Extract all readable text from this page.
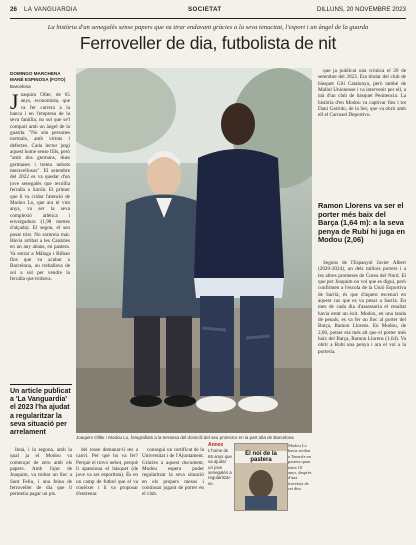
26 LA VANGUARDIA	SOCIETAT	DILLUNS, 20 NOVEMBRE 2023
La història d'un senegalès sense papers que va tirar endavant gràcies a la seva tenacitat, l'esport i un àngel de la guarda
Ferroveller de dia, futbolista de nit
DOMINGO MARCHENA
MANÉ ESPINOSA (FOTO)
Barcelona
Joaquim Oller, de 65 anys, economista, que va fer carrera a la banca i en l'empresa de la seva família, no sol que se'l compari amb un àngel de la guarda. "No són persones normals, amb virtuts i defectes. Cada lector jutgi aquest home sense fills, però "amb dos germans, dues germanes i trenta nebots meravellosos". El setembre del 2022 es va quedar d'un jove senegalès que recollia ferralla a Sarrià. El primer que li va cridar l'atenció de Modou Lo, que ara té vint anys, va ser la seva complexió atlètica i envergadura (1,98 metres d'alçada). El segon, el seu posat trist. No somreia mai. Havia arribat a les Canàries en un any abans, en pastera. Va entrar a Màlaga i Bilbao fins que va acabar a Barcelona, on treballava de sol a sol per vendre la ferralla que trobava.
Joaquim Olller i Modou Lo, fotografiats a la terrassa del domicili del seu protector en la part alta de Barcelona

que ja publicat una crònica el 20 de setembre del 2023. Era titular del club de bàsquet Gili Catalunya, però també de Mallol Unionense i va intervenir per ell, a mà d'un club de bàsquet Penitencia. La història d'en Modou va captivar fins i tot Dani Garrido, de la Ser, que va obrir amb ell el Carrusel Deportivo.

Ramon Llorens va ser el porter més baix del Barça (1,64 m): a la seva penya de Rubí hi juga en Modou (2,06)

Segons de l'Espanyol Javier Albert (2020-2024), un dels millors porters i a les altres promeses de Corea del Nord. El que per Joaquim no vol que es digui, però confirmen a l'escola de la Unió Esportiva de Sarrià, és que d'aquest escenari en aquest cas que es va posar a Sarrià. En mes de cada dia d'assessoria el resultat havia estat un èxit. Modou, en una tanda de penals, es va fer un lloc al porter del Barça, Ramon Llorens. En Modou, de 2,06, potser era més alt que el porter més baix del Barça, Ramon Llorens (1,64). Va obrir a Rubí una penya i ara el vol a la porteria.

Un article publicat a 'La Vanguardia' el 2023 l'ha ajudat a regularitzar la seva situació per arrelament

Innà, i la segona, amb la qual ja el Modou va començar de zero amb els papers. Amb l'ajut de Joaquim, va trobar un lloc a Sant Feliu, i una feina de ferroveller de dia que li permetia pagar un pis.

del rosse demanar-li res a canvi. Per què ho va fer? Perquè el trovo nebot, perquè li apassiona el bàsquet (de jove va ser esportista). És en un camp de futbol que el va conèixer i li va proposar d'entrenar.

consegui un certificat de la Universitat i de l'Ajuntament. Gràcies a aquest document, Modou espera poder regularitzar la seva situació en els propers mesos i continuar jugant de porter en el club.

Annex
L'home de 65 anys que va ajudar un jove senegalès a regularitzar-se.
El noi de la pastera
Modou Lo havia arribat a Tenerife en pastera quan tenia 18 anys, després d'una travessia de set dies.
